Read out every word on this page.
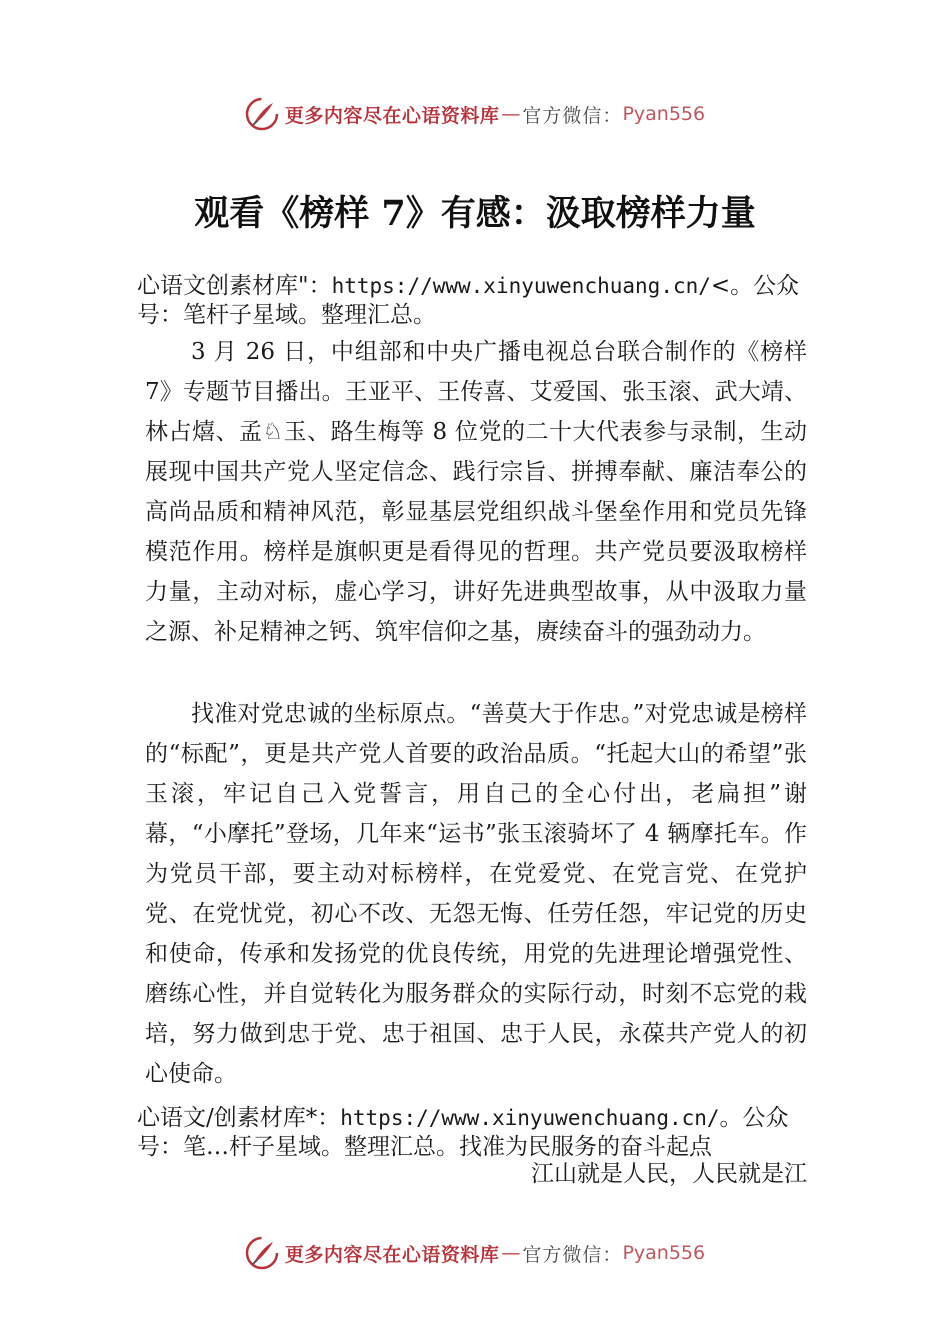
更多内容尽在心语资料库 — 官方微信： Pyan556
观看《榜样 7》有感：汲取榜样力量

心语文创素材库"：https://www.xinyuwenchuang.cn/<。公众号：笔杆子星域。整理汇总。

3 月 26 日，中组部和中央广播电视总台联合制作的《榜样 7》专题节目播出。王亚平、王传喜、艾爱国、张玉滚、武大靖、林占熺、孟♘玉、路生梅等 8 位党的二十大代表参与录制，生动展现中国共产党人坚定信念、践行宗旨、拼搏奉献、廉洁奉公的高尚品质和精神风范，彰显基层党组织战斗堡垒作用和党员先锋模范作用。榜样是旗帜更是看得见的哲理。共产党员要汲取榜样力量，主动对标，虚心学习，讲好先进典型故事，从中汲取力量之源、补足精神之钙、筑牢信仰之基，赓续奋斗的强劲动力。

找准对党忠诚的坐标原点。“善莫大于作忠。”对党忠诚是榜样的“标配”，更是共产党人首要的政治品质。“托起大山的希望”张玉滚，牢记自己入党誓言，用自己的全心付出，老扁担”谢幕，“小摩托”登场，几年来“运书”张玉滚骑坏了 4 辆摩托车。作为党员干部，要主动对标榜样，在党爱党、在党言党、在党护党、在党忧党，初心不改、无怨无悔、任劳任怨，牢记党的历史和使命，传承和发扬党的优良传统，用党的先进理论增强党性、磨练心性，并自觉转化为服务群众的实际行动，时刻不忘党的栽培，努力做到忠于党、忠于祖国、忠于人民，永葆共产党人的初心使命。

心语文/创素材库*：https://www.xinyuwenchuang.cn/。公众号：笔…杆子星域。整理汇总。找准为民服务的奋斗起点

江山就是人民，人民就是江

更多内容尽在心语资料库 — 官方微信： Pyan556
